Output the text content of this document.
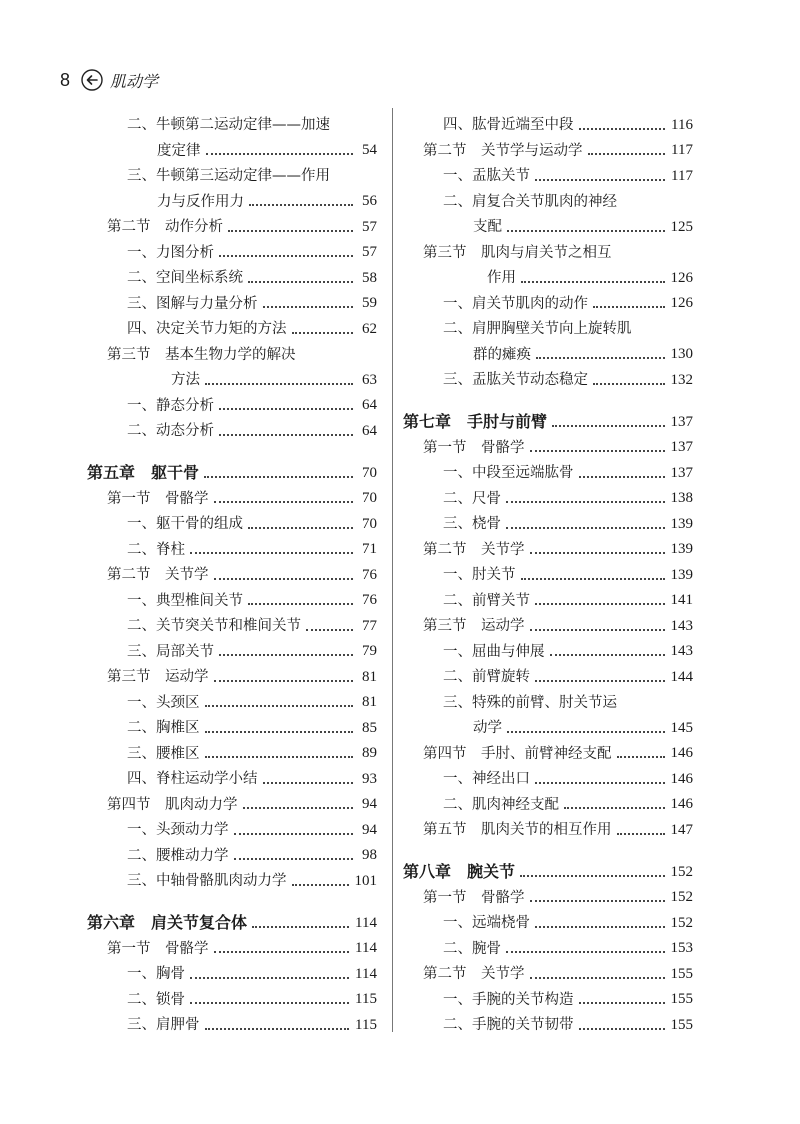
8	肌动学
二、牛顿第二运动定律——加速
度定律	54
三、牛顿第三运动定律——作用
力与反作用力	56
第二节　动作分析	57
一、力图分析	57
二、空间坐标系统	58
三、图解与力量分析	59
四、决定关节力矩的方法	62
第三节　基本生物力学的解决
方法	63
一、静态分析	64
二、动态分析	64
第五章　躯干骨	70
第一节　骨骼学	70
一、躯干骨的组成	70
二、脊柱	71
第二节　关节学	76
一、典型椎间关节	76
二、关节突关节和椎间关节	77
三、局部关节	79
第三节　运动学	81
一、头颈区	81
二、胸椎区	85
三、腰椎区	89
四、脊柱运动学小结	93
第四节　肌肉动力学	94
一、头颈动力学	94
二、腰椎动力学	98
三、中轴骨骼肌肉动力学	101
第六章　肩关节复合体	114
第一节　骨骼学	114
一、胸骨	114
二、锁骨	115
三、肩胛骨	115
四、肱骨近端至中段	116
第二节　关节学与运动学	117
一、盂肱关节	117
二、肩复合关节肌肉的神经
支配	125
第三节　肌肉与肩关节之相互
作用	126
一、肩关节肌肉的动作	126
二、肩胛胸壁关节向上旋转肌
群的瘫痪	130
三、盂肱关节动态稳定	132
第七章　手肘与前臂	137
第一节　骨骼学	137
一、中段至远端肱骨	137
二、尺骨	138
三、桡骨	139
第二节　关节学	139
一、肘关节	139
二、前臂关节	141
第三节　运动学	143
一、屈曲与伸展	143
二、前臂旋转	144
三、特殊的前臂、肘关节运
动学	145
第四节　手肘、前臂神经支配	146
一、神经出口	146
二、肌肉神经支配	146
第五节　肌肉关节的相互作用	147
第八章　腕关节	152
第一节　骨骼学	152
一、远端桡骨	152
二、腕骨	153
第二节　关节学	155
一、手腕的关节构造	155
二、手腕的关节韧带	155
